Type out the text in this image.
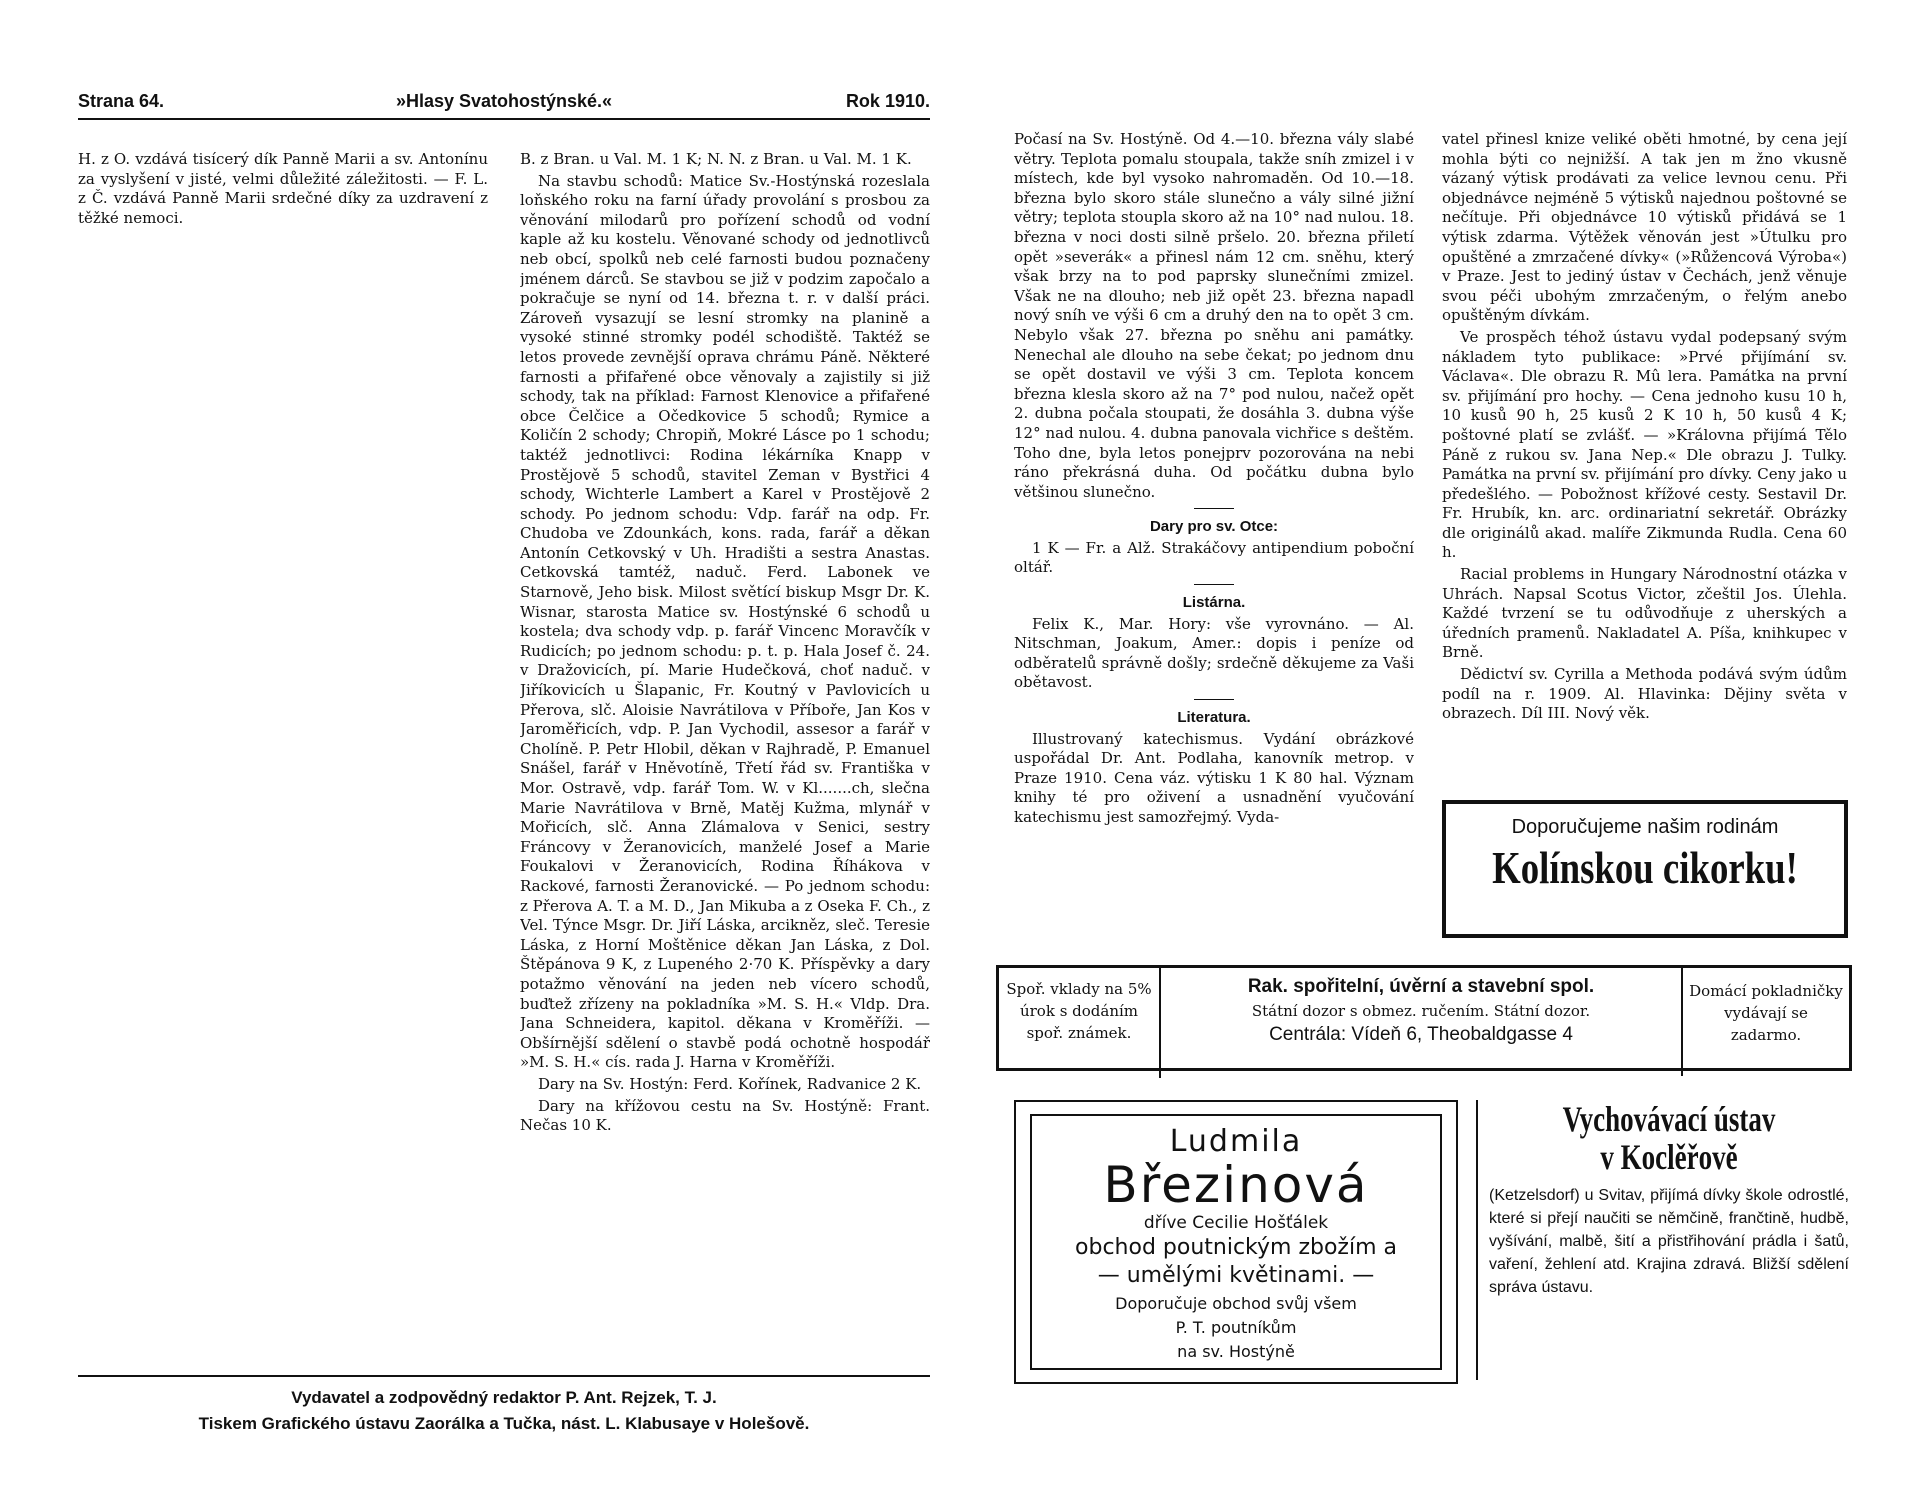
Strana 64.	»Hlasy Svatohostýnské.«	Rok 1910.

H. z O. vzdává tisícerý dík Panně Marii a sv. Antonínu za vyslyšení v jisté, velmi důležité záležitosti. — F. L. z Č. vzdává Panně Marii srdečné díky za uzdravení z těžké nemoci.

B. z Bran. u Val. M. 1 K; N. N. z Bran. u Val. M. 1 K.

Na stavbu schodů: Matice Sv.-Hostýnská rozeslala loňského roku na farní úřady provolání s prosbou za věnování milodarů pro pořízení schodů od vodní kaple až ku kostelu. Věnované schody od jednotlivců neb obcí, spolků neb celé farnosti budou poznačeny jménem dárců. Se stavbou se již v podzim započalo a pokračuje se nyní od 14. března t. r. v další práci. Zároveň vysazují se lesní stromky na planině a vysoké stinné stromky podél schodiště. Taktéž se letos provede zevnější oprava chrámu Páně. Některé farnosti a přifařené obce věnovaly a zajistily si již schody, tak na příklad: Farnost Klenovice a přifařené obce Čelčice a Očedkovice 5 schodů; Rymice a Količín 2 schody; Chropiň, Mokré Lásce po 1 schodu; taktéž jednotlivci: Rodina lékárníka Knapp v Prostějově 5 schodů, stavitel Zeman v Bystřici 4 schody, Wichterle Lambert a Karel v Prostějově 2 schody. Po jednom schodu: Vdp. farář na odp. Fr. Chudoba ve Zdounkách, kons. rada, farář a děkan Antonín Cetkovský v Uh. Hradišti a sestra Anastas. Cetkovská tamtéž, naduč. Ferd. Labonek ve Starnově, Jeho bisk. Milost světící biskup Msgr Dr. K. Wisnar, starosta Matice sv. Hostýnské 6 schodů u kostela; dva schody vdp. p. farář Vincenc Moravčík v Rudicích; po jednom schodu: p. t. p. Hala Josef č. 24. v Dražovicích, pí. Marie Hudečková, choť naduč. v Jiříkovicích u Šlapanic, Fr. Koutný v Pavlovicích u Přerova, slč. Aloisie Navrátilova v Příboře, Jan Kos v Jaroměřicích, vdp. P. Jan Vychodil, assesor a farář v Cholíně. P. Petr Hlobil, děkan v Rajhradě, P. Emanuel Snášel, farář v Hněvotíně, Třetí řád sv. Františka v Mor. Ostravě, vdp. farář Tom. W. v Kl.......ch, slečna Marie Navrátilova v Brně, Matěj Kužma, mlynář v Mořicích, slč. Anna Zlámalova v Senici, sestry Fráncovy v Žeranovicích, manželé Josef a Marie Foukalovi v Žeranovicích, Rodina Říhákova v Rackové, farnosti Žeranovické. — Po jednom schodu: z Přerova A. T. a M. D., Jan Mikuba a z Oseka F. Ch., z Vel. Týnce Msgr. Dr. Jiří Láska, arcikněz, sleč. Teresie Láska, z Horní Moštěnice děkan Jan Láska, z Dol. Štěpánova 9 K, z Lupeného 2·70 K. Příspěvky a dary potažmo věnování na jeden neb vícero schodů, buďtež zřízeny na pokladníka »M. S. H.« Vldp. Dra. Jana Schneidera, kapitol. děkana v Kroměříži. — Obšírnější sdělení o stavbě podá ochotně hospodář »M. S. H.« cís. rada J. Harna v Kroměříži.

Dary na Sv. Hostýn: Ferd. Kořínek, Radvanice 2 K.

Dary na křížovou cestu na Sv. Hostýně: Frant. Nečas 10 K.

Vydavatel a zodpovědný redaktor P. Ant. Rejzek, T. J.
Tiskem Grafického ústavu Zaorálka a Tučka, nást. L. Klabusaye v Holešově.

Počasí na Sv. Hostýně. Od 4.—10. března vály slabé větry. Teplota pomalu stoupala, takže sníh zmizel i v místech, kde byl vysoko nahromaděn. Od 10.—18. března bylo skoro stále slunečno a vály silné jižní větry; teplota stoupla skoro až na 10° nad nulou. 18. března v noci dosti silně pršelo. 20. března přiletí opět »severák« a přinesl nám 12 cm. sněhu, který však brzy na to pod paprsky slunečními zmizel. Však ne na dlouho; neb již opět 23. března napadl nový sníh ve výši 6 cm a druhý den na to opět 3 cm. Nebylo však 27. března po sněhu ani památky. Nenechal ale dlouho na sebe čekat; po jednom dnu se opět dostavil ve výši 3 cm. Teplota koncem března klesla skoro až na 7° pod nulou, načež opět 2. dubna počala stoupati, že dosáhla 3. dubna výše 12° nad nulou. 4. dubna panovala vichřice s deštěm. Toho dne, byla letos ponejprv pozorována na nebi ráno překrásná duha. Od počátku dubna bylo většinou slunečno.

Dary pro sv. Otce:

1 K — Fr. a Alž. Strakáčovy antipendium poboční oltář.

Listárna.

Felix K., Mar. Hory: vše vyrovnáno. — Al. Nitschman, Joakum, Amer.: dopis i peníze od odběratelů správně došly; srdečně děkujeme za Vaši obětavost.

Literatura.

Illustrovaný katechismus. Vydání obrázkové uspořádal Dr. Ant. Podlaha, kanovník metrop. v Praze 1910. Cena váz. výtisku 1 K 80 hal. Význam knihy té pro oživení a usnadnění vyučování katechismu jest samozřejmý. Vyda-

vatel přinesl knize veliké oběti hmotné, by cena její mohla býti co nejnižší. A tak jen m žno vkusně vázaný výtisk prodávati za velice levnou cenu. Při objednávce nejméně 5 výtisků najednou poštovné se nečítuje. Při objednávce 10 výtisků přidává se 1 výtisk zdarma. Výtěžek věnován jest »Útulku pro opuštěné a zmrzačené dívky« (»Růžencová Výroba«) v Praze. Jest to jediný ústav v Čechách, jenž věnuje svou péči ubohým zmrzačeným, o řelým anebo opuštěným dívkám.

Ve prospěch téhož ústavu vydal podepsaný svým nákladem tyto publikace: »Prvé přijímání sv. Václava«. Dle obrazu R. Mû lera. Památka na první sv. přijímání pro hochy. — Cena jednoho kusu 10 h, 10 kusů 90 h, 25 kusů 2 K 10 h, 50 kusů 4 K; poštovné platí se zvlášť. — »Královna přijímá Tělo Páně z rukou sv. Jana Nep.« Dle obrazu J. Tulky. Památka na první sv. přijímání pro dívky. Ceny jako u předešlého. — Pobožnost křížové cesty. Sestavil Dr. Fr. Hrubík, kn. arc. ordinariatní sekretář. Obrázky dle originálů akad. malíře Zikmunda Rudla. Cena 60 h.

Racial problems in Hungary Národnostní otázka v Uhrách. Napsal Scotus Victor, zčeštil Jos. Úlehla. Každé tvrzení se tu odůvodňuje z uherských a úředních pramenů. Nakladatel A. Píša, knihkupec v Brně.

Dědictví sv. Cyrilla a Methoda podává svým údům podíl na r. 1909. Al. Hlavinka: Dějiny světa v obrazech. Díl III. Nový věk.

Doporučujeme našim rodinám
Kolínskou cikorku!
Spoř. vklady na 5%
úrok s dodáním
spoř. známek.
Rak. spořitelní, úvěrní a stavební spol.
Státní dozor s obmez. ručením. Státní dozor.
Centrála: Vídeň 6, Theobaldgasse 4
Domácí pokladničky vydávají se
zadarmo.
Ludmila
Březinová
dříve Cecilie Hošťálek
obchod poutnickým zbožím a
— umělými květinami. —
Doporučuje obchod svůj všem
P. T. poutníkům
na sv. Hostýně
Vychovávací ústav
v Koclěřově
(Ketzelsdorf) u Svitav, přijímá dívky škole odrostlé, které si přejí naučiti se němčině, frančtině, hudbě, vyšívání, malbě, šití a přistřihování prádla i šatů, vaření, žehlení atd. Krajina zdravá. Bližší sdělení správa ústavu.
